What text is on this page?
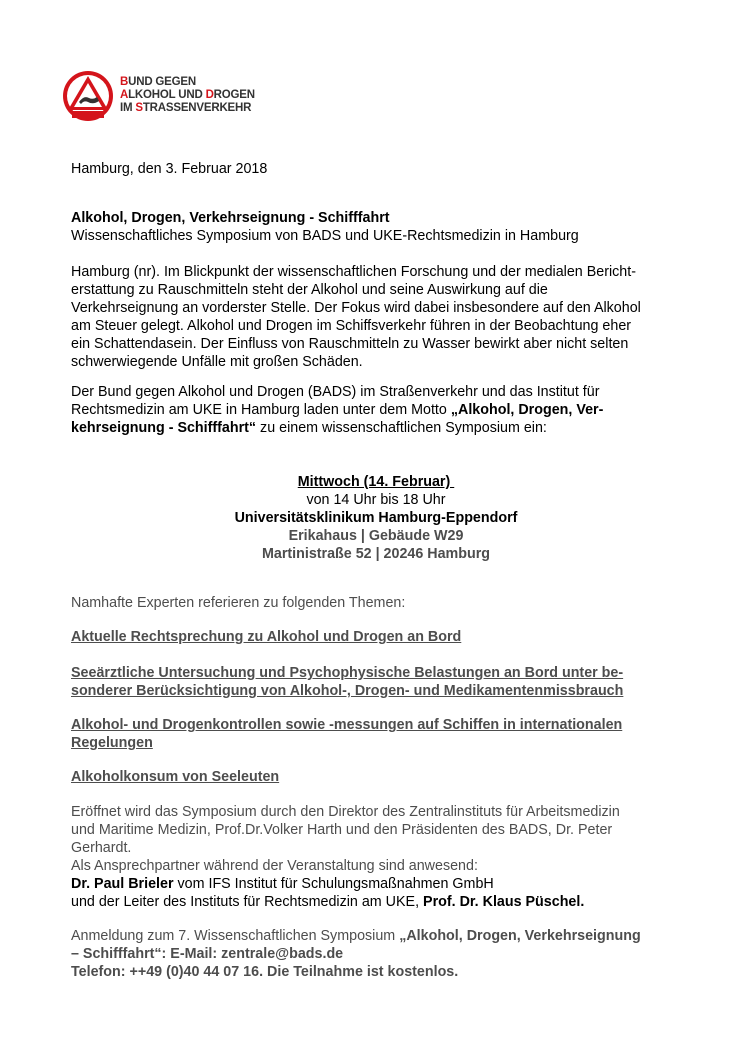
BUND GEGEN
ALKOHOL UND DROGEN
IM STRASSENVERKEHR
Hamburg, den 3. Februar 2018
Alkohol, Drogen, Verkehrseignung - Schifffahrt
Wissenschaftliches Symposium von BADS und UKE-Rechtsmedizin in Hamburg
Hamburg (nr). Im Blickpunkt der wissenschaftlichen Forschung und der medialen Bericht-
erstattung zu Rauschmitteln steht der Alkohol und seine Auswirkung auf die
Verkehrseignung an vorderster Stelle. Der Fokus wird dabei insbesondere auf den Alkohol
am Steuer gelegt. Alkohol und Drogen im Schiffsverkehr führen in der Beobachtung eher
ein Schattendasein. Der Einfluss von Rauschmitteln zu Wasser bewirkt aber nicht selten
schwerwiegende Unfälle mit großen Schäden.
Der Bund gegen Alkohol und Drogen (BADS) im Straßenverkehr und das Institut für
Rechtsmedizin am UKE in Hamburg laden unter dem Motto „Alkohol, Drogen, Ver-
kehrseignung - Schifffahrt“ zu einem wissenschaftlichen Symposium ein:
Mittwoch (14. Februar)
von 14 Uhr bis 18 Uhr
Universitätsklinikum Hamburg-Eppendorf
Erikahaus | Gebäude W29
Martinistraße 52 | 20246 Hamburg
Namhafte Experten referieren zu folgenden Themen:
Aktuelle Rechtsprechung zu Alkohol und Drogen an Bord
Seeärztliche Untersuchung und Psychophysische Belastungen an Bord unter be-
sonderer Berücksichtigung von Alkohol-, Drogen- und Medikamentenmissbrauch
Alkohol- und Drogenkontrollen sowie -messungen auf Schiffen in internationalen
Regelungen
Alkoholkonsum von Seeleuten
Eröffnet wird das Symposium durch den Direktor des Zentralinstituts für Arbeitsmedizin
und Maritime Medizin, Prof.Dr.Volker Harth und den Präsidenten des BADS, Dr. Peter
Gerhardt.
Als Ansprechpartner während der Veranstaltung sind anwesend:
Dr. Paul Brieler vom IFS Institut für Schulungsmaßnahmen GmbH
und der Leiter des Instituts für Rechtsmedizin am UKE, Prof. Dr. Klaus Püschel.
Anmeldung zum 7. Wissenschaftlichen Symposium „Alkohol, Drogen, Verkehrseignung
– Schifffahrt“: E-Mail: zentrale@bads.de
Telefon: ++49 (0)40 44 07 16. Die Teilnahme ist kostenlos.
